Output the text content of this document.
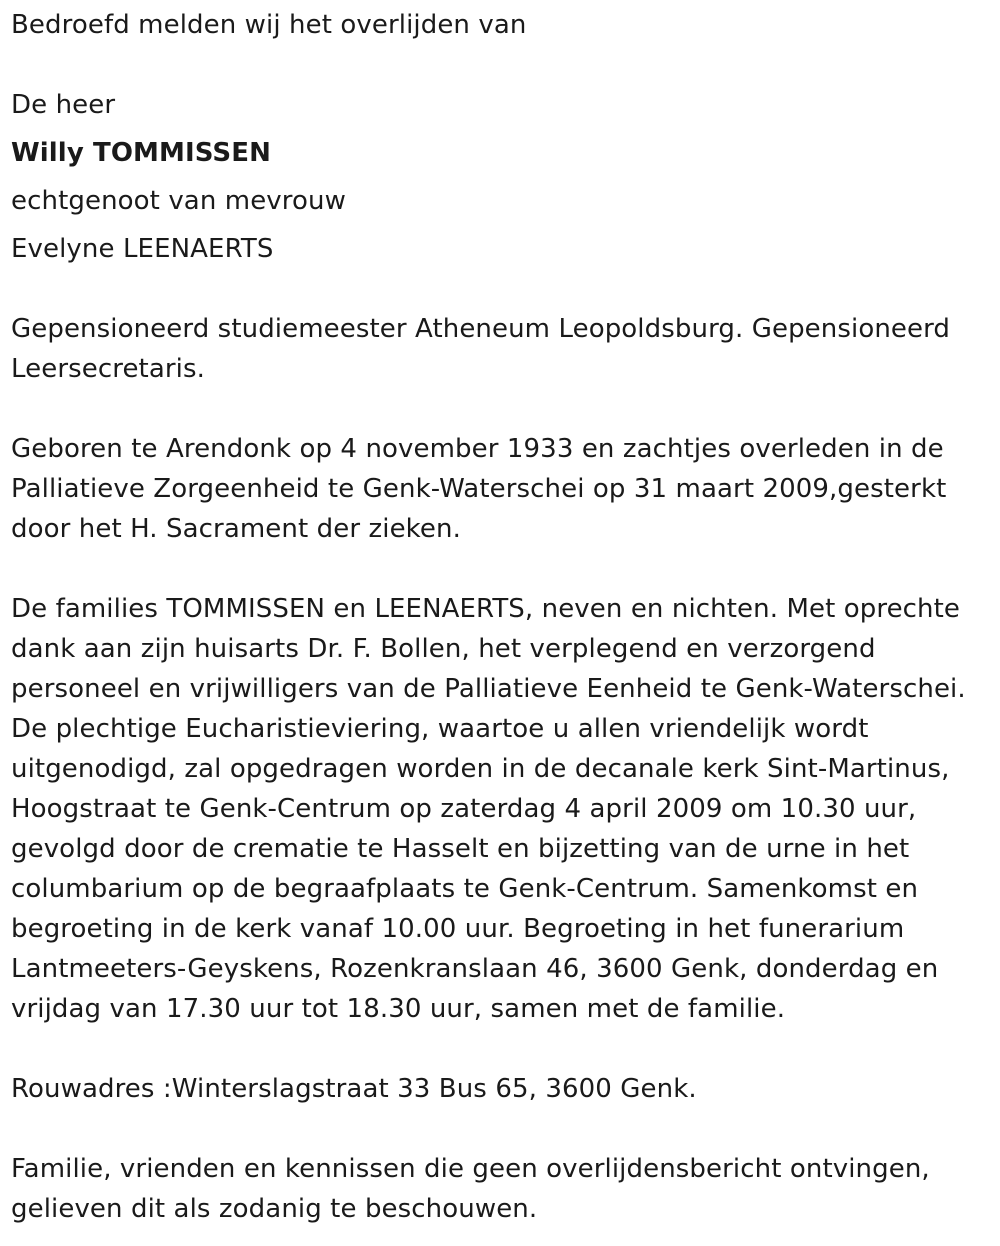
Bedroefd melden wij het overlijden van
De heer
Willy TOMMISSEN
echtgenoot van mevrouw
Evelyne LEENAERTS
Gepensioneerd studiemeester Atheneum Leopoldsburg. Gepensioneerd
Leersecretaris.
Geboren te Arendonk op 4 november 1933 en zachtjes overleden in de
Palliatieve Zorgeenheid te Genk-Waterschei op 31 maart 2009,gesterkt
door het H. Sacrament der zieken.
De families TOMMISSEN en LEENAERTS, neven en nichten. Met oprechte
dank aan zijn huisarts Dr. F. Bollen, het verplegend en verzorgend
personeel en vrijwilligers van de Palliatieve Eenheid te Genk-Waterschei.
De plechtige Eucharistieviering, waartoe u allen vriendelijk wordt
uitgenodigd, zal opgedragen worden in de decanale kerk Sint-Martinus,
Hoogstraat te Genk-Centrum op zaterdag 4 april 2009 om 10.30 uur,
gevolgd door de crematie te Hasselt en bijzetting van de urne in het
columbarium op de begraafplaats te Genk-Centrum. Samenkomst en
begroeting in de kerk vanaf 10.00 uur. Begroeting in het funerarium
Lantmeeters-Geyskens, Rozenkranslaan 46, 3600 Genk, donderdag en
vrijdag van 17.30 uur tot 18.30 uur, samen met de familie.
Rouwadres :Winterslagstraat 33 Bus 65, 3600 Genk.
Familie, vrienden en kennissen die geen overlijdensbericht ontvingen,
gelieven dit als zodanig te beschouwen.
